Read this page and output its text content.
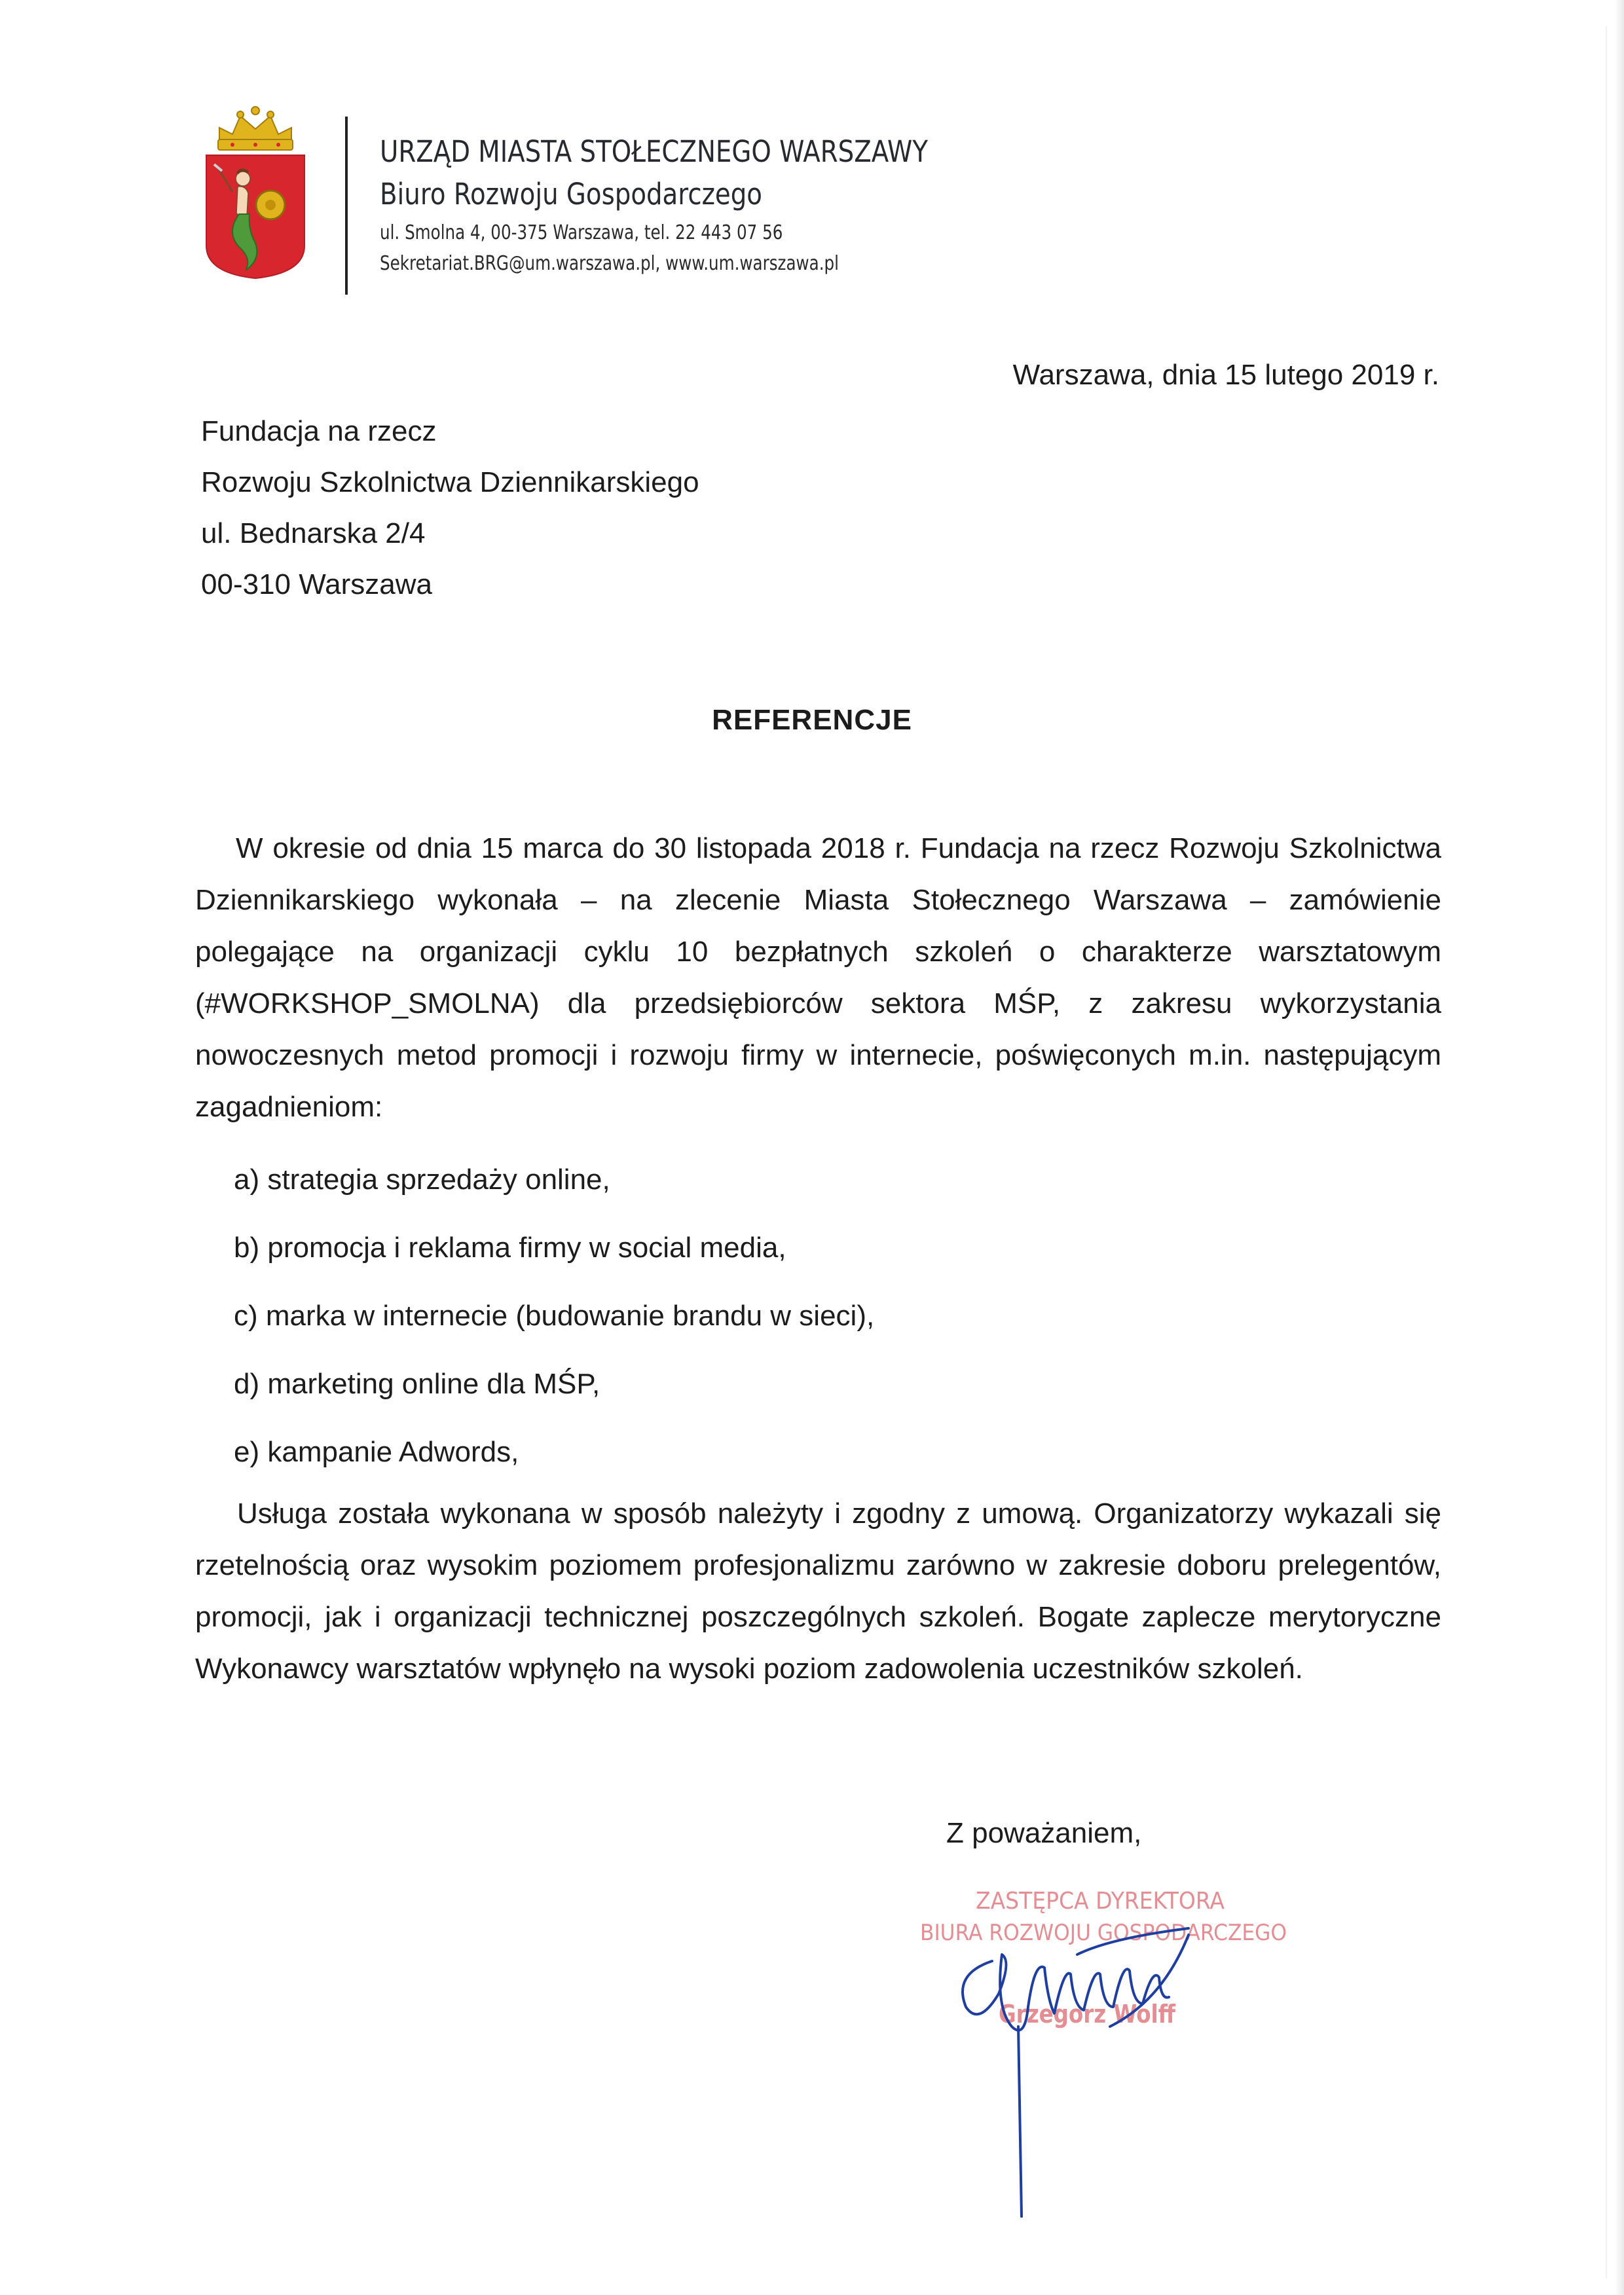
URZĄD MIASTA STOŁECZNEGO WARSZAWY
Biuro Rozwoju Gospodarczego
ul. Smolna 4, 00-375 Warszawa, tel. 22 443 07 56
Sekretariat.BRG@um.warszawa.pl, www.um.warszawa.pl
Warszawa, dnia 15 lutego 2019 r.
Fundacja na rzecz
Rozwoju Szkolnictwa Dziennikarskiego
ul. Bednarska 2/4
00-310 Warszawa
REFERENCJE
W okresie od dnia 15 marca do 30 listopada 2018 r. Fundacja na rzecz Rozwoju Szkolnictwa Dziennikarskiego wykonała – na zlecenie Miasta Stołecznego Warszawa – zamówienie polegające na organizacji cyklu 10 bezpłatnych szkoleń o charakterze warsztatowym (#WORKSHOP_SMOLNA) dla przedsiębiorców sektora MŚP, z zakresu wykorzystania nowoczesnych metod promocji i rozwoju firmy w internecie, poświęconych m.in. następującym zagadnieniom:
a) strategia sprzedaży online,
b) promocja i reklama firmy w social media,
c) marka w internecie (budowanie brandu w sieci),
d) marketing online dla MŚP,
e) kampanie Adwords,
Usługa została wykonana w sposób należyty i zgodny z umową. Organizatorzy wykazali się rzetelnością oraz wysokim poziomem profesjonalizmu zarówno w zakresie doboru prelegentów, promocji, jak i organizacji technicznej poszczególnych szkoleń. Bogate zaplecze merytoryczne Wykonawcy warsztatów wpłynęło na wysoki poziom zadowolenia uczestników szkoleń.
Z poważaniem,
ZASTĘPCA DYREKTORA
BIURA ROZWOJU GOSPODARCZEGO
Grzegorz Wolff
